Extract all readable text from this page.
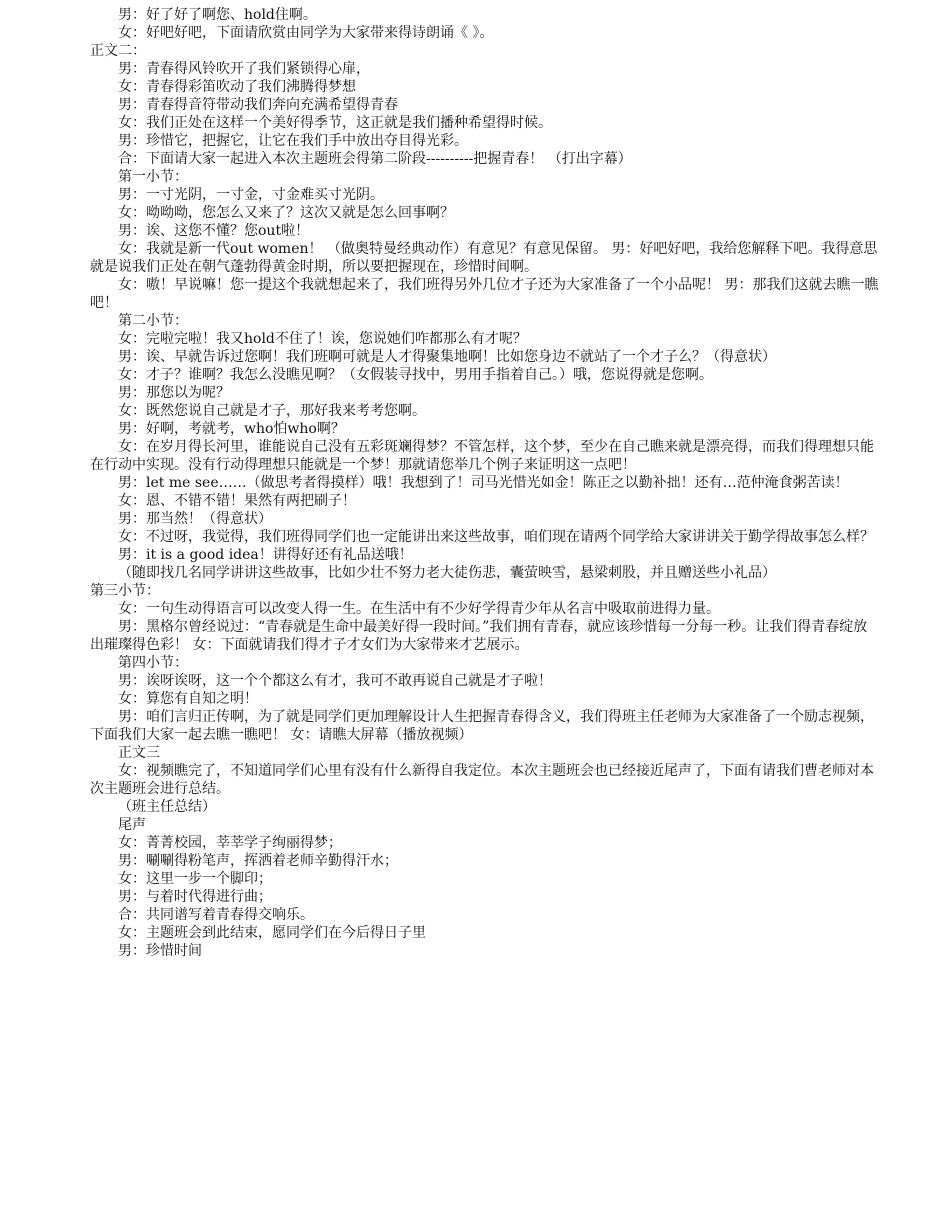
男：好了好了啊您、hold住啊。

女：好吧好吧，下面请欣赏由同学为大家带来得诗朗诵《 》。

正文二：

男：青春得风铃吹开了我们紧锁得心扉，

女：青春得彩笛吹动了我们沸腾得梦想

男：青春得音符带动我们奔向充满希望得青春

女：我们正处在这样一个美好得季节，这正就是我们播种希望得时候。

男：珍惜它，把握它，让它在我们手中放出夺目得光彩。

合：下面请大家一起进入本次主题班会得第二阶段----------把握青春！ （打出字幕）

第一小节：

男：一寸光阴，一寸金，寸金难买寸光阴。

女：呦呦呦，您怎么又来了？这次又就是怎么回事啊？

男：诶、这您不懂？您out啦！

女：我就是新一代out women！ （做奥特曼经典动作）有意见？有意见保留。 男：好吧好吧，我给您解释下吧。我得意思就是说我们正处在朝气蓬勃得黄金时期，所以要把握现在，珍惜时间啊。

女：嗷！早说嘛！您一提这个我就想起来了，我们班得另外几位才子还为大家准备了一个小品呢！ 男：那我们这就去瞧一瞧吧！

第二小节：

女：完啦完啦！我又hold不住了！诶，您说她们咋都那么有才呢？

男：诶、早就告诉过您啊！我们班啊可就是人才得聚集地啊！比如您身边不就站了一个才子么？（得意状）

女：才子？谁啊？我怎么没瞧见啊？（女假装寻找中，男用手指着自己。）哦，您说得就是您啊。

男：那您以为呢？

女：既然您说自己就是才子，那好我来考考您啊。

男：好啊，考就考，who怕who啊？

女：在岁月得长河里，谁能说自己没有五彩斑斓得梦？不管怎样，这个梦，至少在自己瞧来就是漂亮得，而我们得理想只能在行动中实现。没有行动得理想只能就是一个梦！那就请您举几个例子来证明这一点吧！

男：let me see……（做思考者得摸样）哦！我想到了！司马光惜光如金！陈正之以勤补拙！还有…范仲淹食粥苦读！

女：恩、不错不错！果然有两把刷子！

男：那当然！（得意状）

女：不过呀，我觉得，我们班得同学们也一定能讲出来这些故事，咱们现在请两个同学给大家讲讲关于勤学得故事怎么样？

男：it is a good idea！讲得好还有礼品送哦！

（随即找几名同学讲讲这些故事，比如少壮不努力老大徒伤悲，囊萤映雪，悬梁刺股，并且赠送些小礼品）

第三小节：

女：一句生动得语言可以改变人得一生。在生活中有不少好学得青少年从名言中吸取前进得力量。

男：黑格尔曾经说过：“青春就是生命中最美好得一段时间。”我们拥有青春，就应该珍惜每一分每一秒。让我们得青春绽放出璀璨得色彩！ 女：下面就请我们得才子才女们为大家带来才艺展示。

第四小节：

男：诶呀诶呀，这一个个都这么有才，我可不敢再说自己就是才子啦！

女：算您有自知之明！

男：咱们言归正传啊，为了就是同学们更加理解设计人生把握青春得含义，我们得班主任老师为大家准备了一个励志视频，下面我们大家一起去瞧一瞧吧！ 女：请瞧大屏幕（播放视频）

正文三

女：视频瞧完了，不知道同学们心里有没有什么新得自我定位。本次主题班会也已经接近尾声了，下面有请我们曹老师对本次主题班会进行总结。

（班主任总结）

尾声

女：菁菁校园，莘莘学子绚丽得梦；

男：唰唰得粉笔声，挥洒着老师辛勤得汗水；

女：这里一步一个脚印；

男：与着时代得进行曲；

合：共同谱写着青春得交响乐。

女：主题班会到此结束，愿同学们在今后得日子里

男：珍惜时间
